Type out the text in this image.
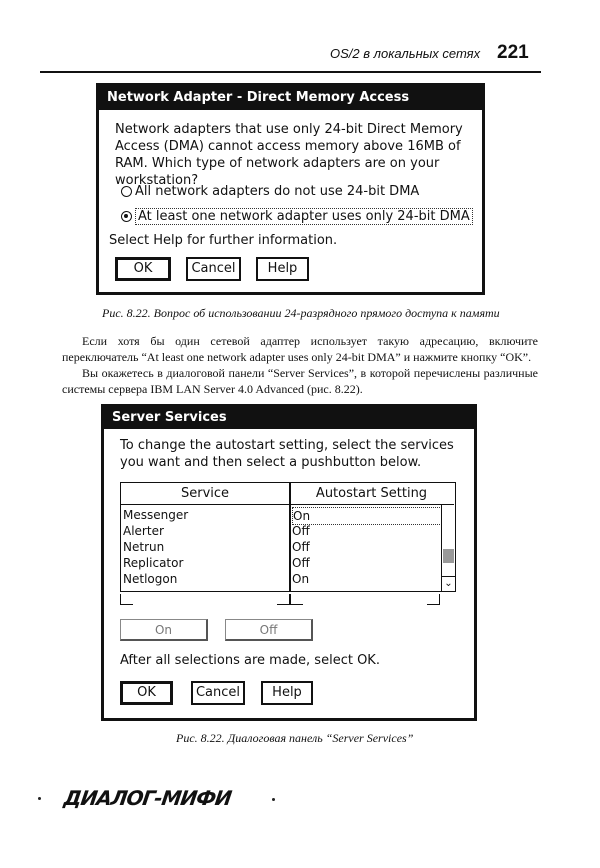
OS/2 в локальных сетях 221
Network Adapter - Direct Memory Access
Network adapters that use only 24-bit Direct Memory
Access (DMA) cannot access memory above 16MB of
RAM. Which type of network adapters are on your
workstation?
All network adapters do not use 24-bit DMA
At least one network adapter uses only 24-bit DMA
Select Help for further information.
OK	Cancel	Help
Рис. 8.22. Вопрос об использовании 24-разрядного прямого доступа к памяти

Если хотя бы один сетевой адаптер использует такую адресацию, включите переключатель “At least one network adapter uses only 24-bit DMA” и нажмите кнопку “OK”.

Вы окажетесь в диалоговой панели “Server Services”, в которой перечислены различные системы сервера IBM LAN Server 4.0 Advanced (рис. 8.22).

Server Services
To change the autostart setting, select the services
you want and then select a pushbutton below.
Service	Autostart Setting
Messenger	On
Alerter	Off
Netrun	Off
Replicator	Off
Netlogon	On	⌄
On	Off
After all selections are made, select OK.
OK	Cancel	Help
Рис. 8.22. Диалоговая панель “Server Services”
ДИАЛОГ-МИФИ
